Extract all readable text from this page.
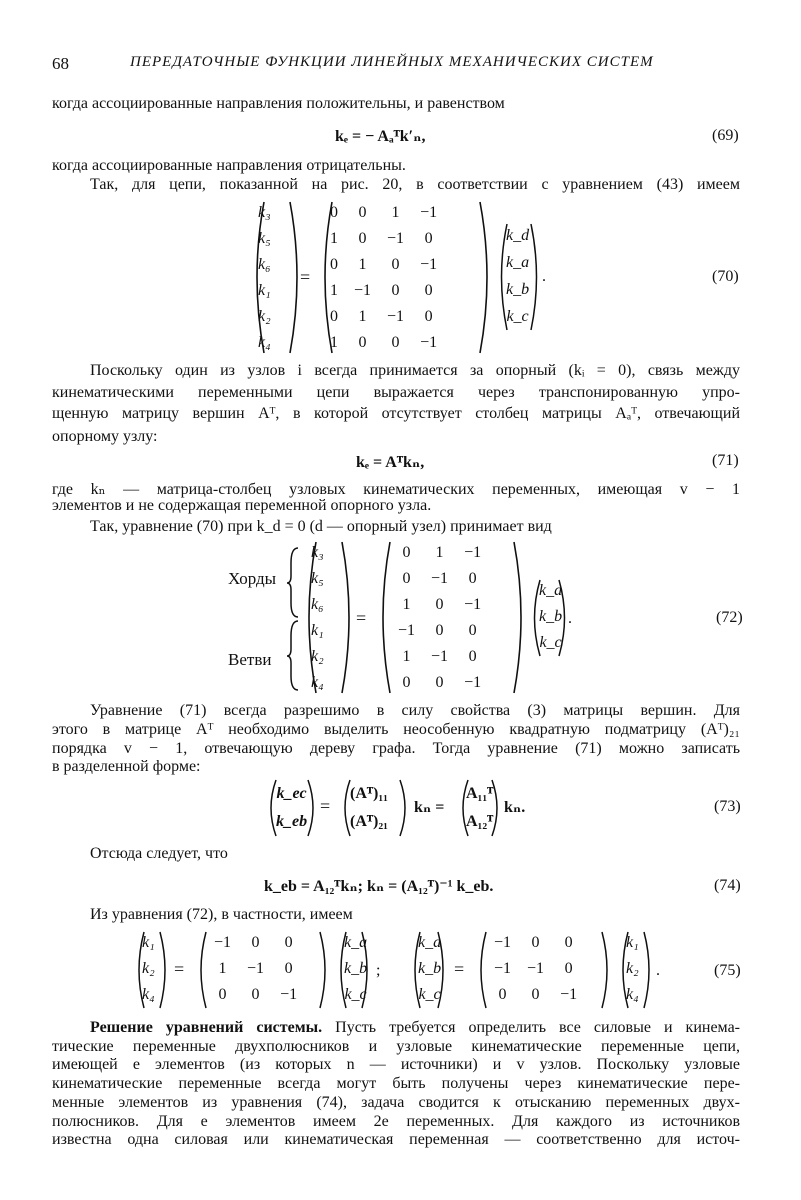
68	ПЕРЕДАТОЧНЫЕ ФУНКЦИИ ЛИНЕЙНЫХ МЕХАНИЧЕСКИХ СИСТЕМ
когда ассоциированные направления положительны, и равенством
kₑ = − Aₐᵀk′ₙ,	(69)
когда ассоциированные направления отрицательны.
Так, для цепи, показанной на рис. 20, в соответствии с уравнением (43) имеем
k₃
k₅
k₆
k₁
k₂
k₄
=
0	0	1	−1
1	0	−1	0
0	1	0	−1
1	−1	0	0
0	1	−1	0
1	0	0	−1
k_d
k_a
k_b
k_c
.	(70)
Поскольку один из узлов i всегда принимается за опорный (kᵢ = 0), связь между
кинематическими переменными цепи выражается через транспонированную упро-
щенную матрицу вершин Aᵀ, в которой отсутствует столбец матрицы Aₐᵀ, отвечающий
опорному узлу:
kₑ = Aᵀkₙ,	(71)
где kₙ — матрица-столбец узловых кинематических переменных, имеющая v − 1
элементов и не содержащая переменной опорного узла.
Так, уравнение (70) при k_d = 0 (d — опорный узел) принимает вид
Хорды
Ветви
k₃
k₅
k₆
k₁
k₂
k₄
=
0	1	−1
0	−1	0
1	0	−1
−1	0	0
1	−1	0
0	0	−1
k_a
k_b
k_c
.	(72)
Уравнение (71) всегда разрешимо в силу свойства (3) матрицы вершин. Для
этого в матрице Aᵀ необходимо выделить неособенную квадратную подматрицу (Aᵀ)₂₁
порядка v − 1, отвечающую дереву графа. Тогда уравнение (71) можно записать
в разделенной форме:
k_ec
k_eb
=
(Aᵀ)₁₁
(Aᵀ)₂₁
kₙ =
A₁₁ᵀ
A₁₂ᵀ
kₙ.	(73)
Отсюда следует, что
k_eb = A₁₂ᵀkₙ; kₙ = (A₁₂ᵀ)⁻¹ k_eb.	(74)
Из уравнения (72), в частности, имеем
k₁
k₂
k₄
=
−1	0	0
1	−1	0
0	0	−1
k_a
k_b
k_c
;
k_a
k_b
k_c
=
−1	0	0
−1	−1	0
0	0	−1
k₁
k₂
k₄
.	(75)
Решение уравнений системы. Пусть требуется определить все силовые и кинема-
тические переменные двухполюсников и узловые кинематические переменные цепи,
имеющей e элементов (из которых n — источники) и v узлов. Поскольку узловые
кинематические переменные всегда могут быть получены через кинематические пере-
менные элементов из уравнения (74), задача сводится к отысканию переменных двух-
полюсников. Для e элементов имеем 2e переменных. Для каждого из источников
известна одна силовая или кинематическая переменная — соответственно для источ-
